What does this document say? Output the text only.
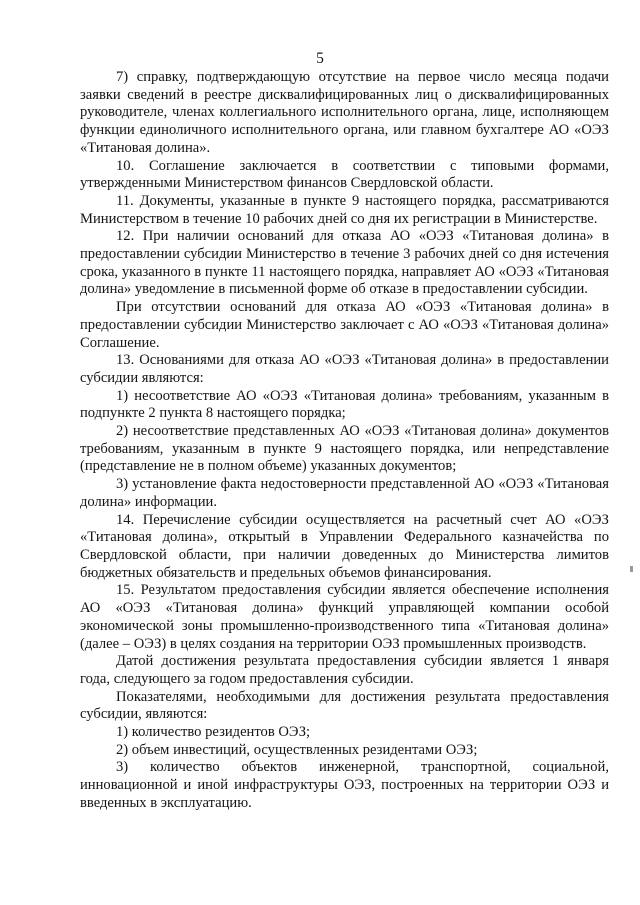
5

7) справку, подтверждающую отсутствие на первое число месяца подачи заявки сведений в реестре дисквалифицированных лиц о дисквалифицированных руководителе, членах коллегиального исполнительного органа, лице, исполняющем функции единоличного исполнительного органа, или главном бухгалтере АО «ОЭЗ «Титановая долина».

10. Соглашение заключается в соответствии с типовыми формами, утвержденными Министерством финансов Свердловской области.

11. Документы, указанные в пункте 9 настоящего порядка, рассматриваются Министерством в течение 10 рабочих дней со дня их регистрации в Министерстве.

12. При наличии оснований для отказа АО «ОЭЗ «Титановая долина» в предоставлении субсидии Министерство в течение 3 рабочих дней со дня истечения срока, указанного в пункте 11 настоящего порядка, направляет АО «ОЭЗ «Титановая долина» уведомление в письменной форме об отказе в предоставлении субсидии.

При отсутствии оснований для отказа АО «ОЭЗ «Титановая долина» в предоставлении субсидии Министерство заключает с АО «ОЭЗ «Титановая долина» Соглашение.

13. Основаниями для отказа АО «ОЭЗ «Титановая долина» в предоставлении субсидии являются:

1) несоответствие АО «ОЭЗ «Титановая долина» требованиям, указанным в подпункте 2 пункта 8 настоящего порядка;

2) несоответствие представленных АО «ОЭЗ «Титановая долина» документов требованиям, указанным в пункте 9 настоящего порядка, или непредставление (представление не в полном объеме) указанных документов;

3) установление факта недостоверности представленной АО «ОЭЗ «Титановая долина» информации.

14. Перечисление субсидии осуществляется на расчетный счет АО «ОЭЗ «Титановая долина», открытый в Управлении Федерального казначейства по Свердловской области, при наличии доведенных до Министерства лимитов бюджетных обязательств и предельных объемов финансирования.

15. Результатом предоставления субсидии является обеспечение исполнения АО «ОЭЗ «Титановая долина» функций управляющей компании особой экономической зоны промышленно-производственного типа «Титановая долина» (далее – ОЭЗ) в целях создания на территории ОЭЗ промышленных производств.

Датой достижения результата предоставления субсидии является 1 января года, следующего за годом предоставления субсидии.

Показателями, необходимыми для достижения результата предоставления субсидии, являются:

1) количество резидентов ОЭЗ;

2) объем инвестиций, осуществленных резидентами ОЭЗ;

3) количество объектов инженерной, транспортной, социальной, инновационной и иной инфраструктуры ОЭЗ, построенных на территории ОЭЗ и введенных в эксплуатацию.
